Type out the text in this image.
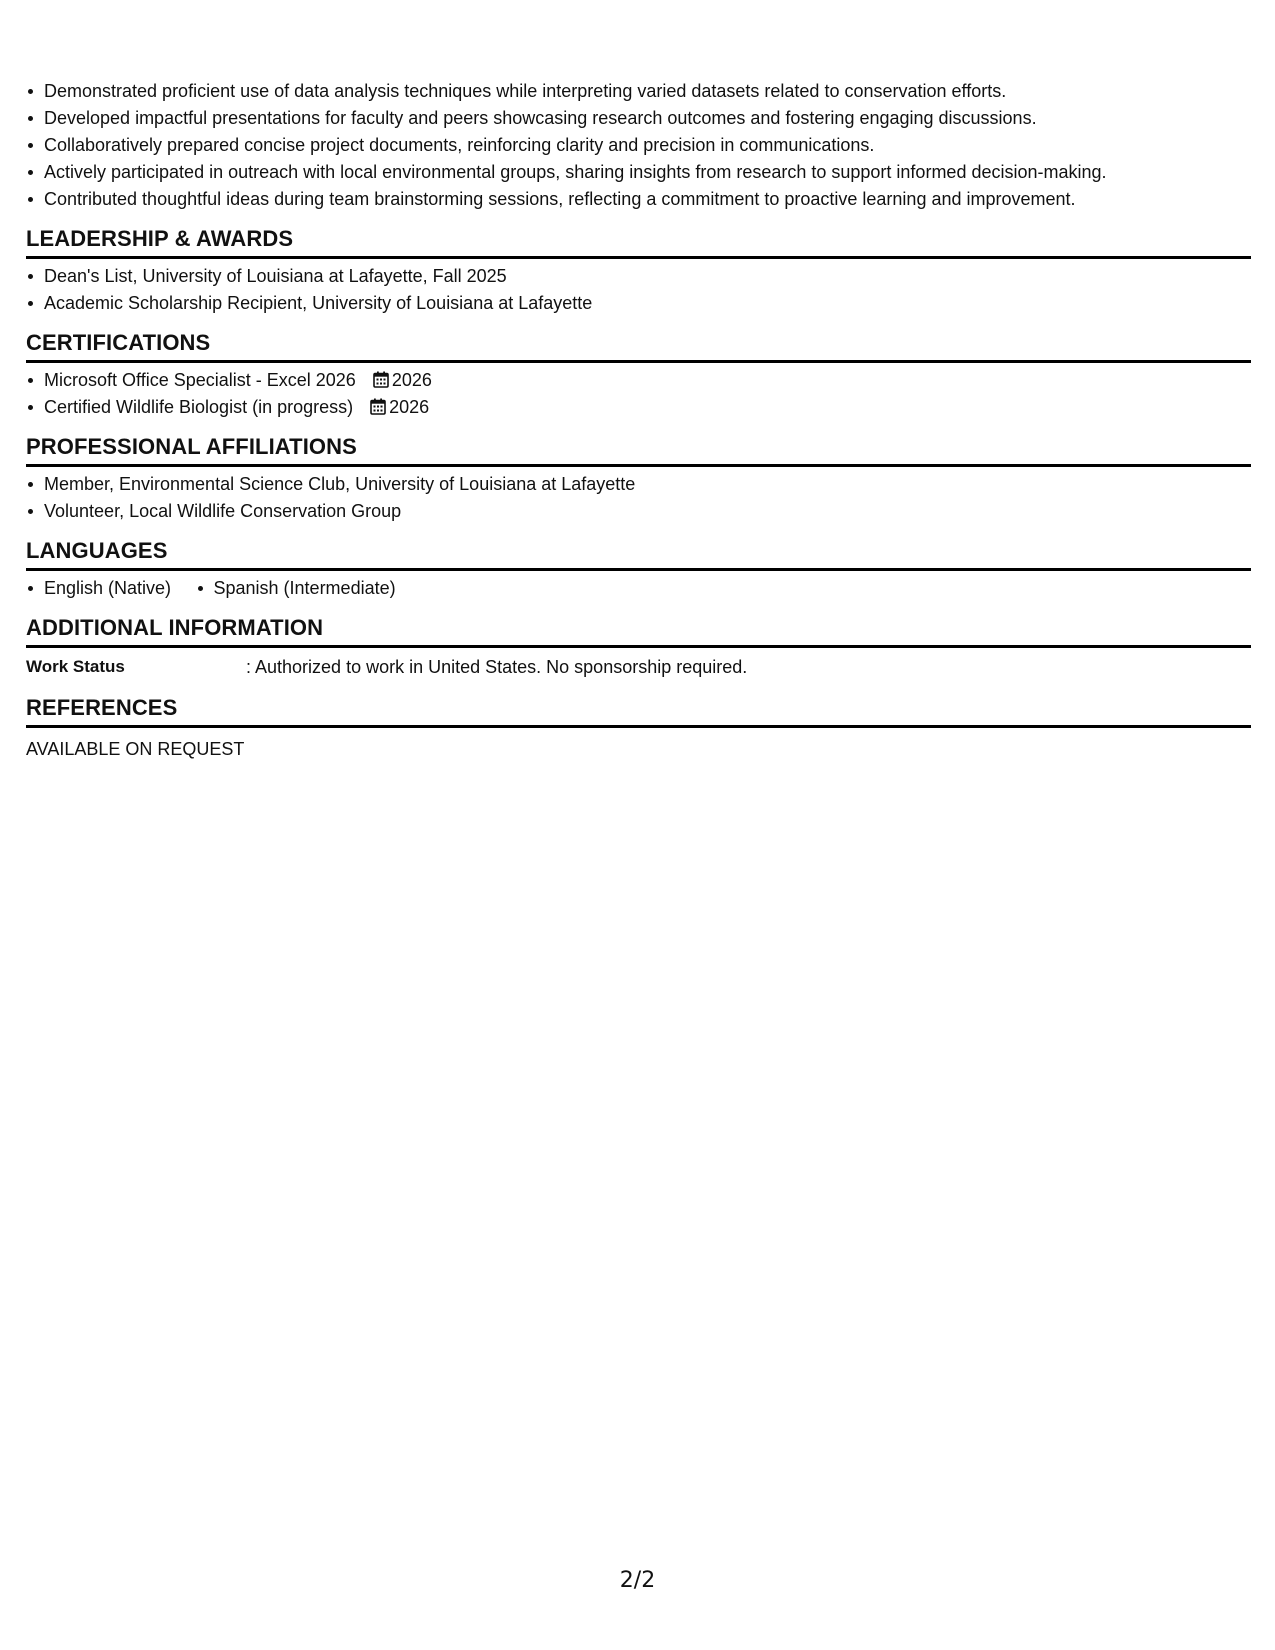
Demonstrated proficient use of data analysis techniques while interpreting varied datasets related to conservation efforts.
Developed impactful presentations for faculty and peers showcasing research outcomes and fostering engaging discussions.
Collaboratively prepared concise project documents, reinforcing clarity and precision in communications.
Actively participated in outreach with local environmental groups, sharing insights from research to support informed decision-making.
Contributed thoughtful ideas during team brainstorming sessions, reflecting a commitment to proactive learning and improvement.
LEADERSHIP & AWARDS
Dean's List, University of Louisiana at Lafayette, Fall 2025
Academic Scholarship Recipient, University of Louisiana at Lafayette
CERTIFICATIONS
Microsoft Office Specialist - Excel 2026 2026
Certified Wildlife Biologist (in progress) 2026
PROFESSIONAL AFFILIATIONS
Member, Environmental Science Club, University of Louisiana at Lafayette
Volunteer, Local Wildlife Conservation Group
LANGUAGES
English (Native) Spanish (Intermediate)
ADDITIONAL INFORMATION
Work Status	: Authorized to work in United States. No sponsorship required.
REFERENCES
AVAILABLE ON REQUEST
2/2
